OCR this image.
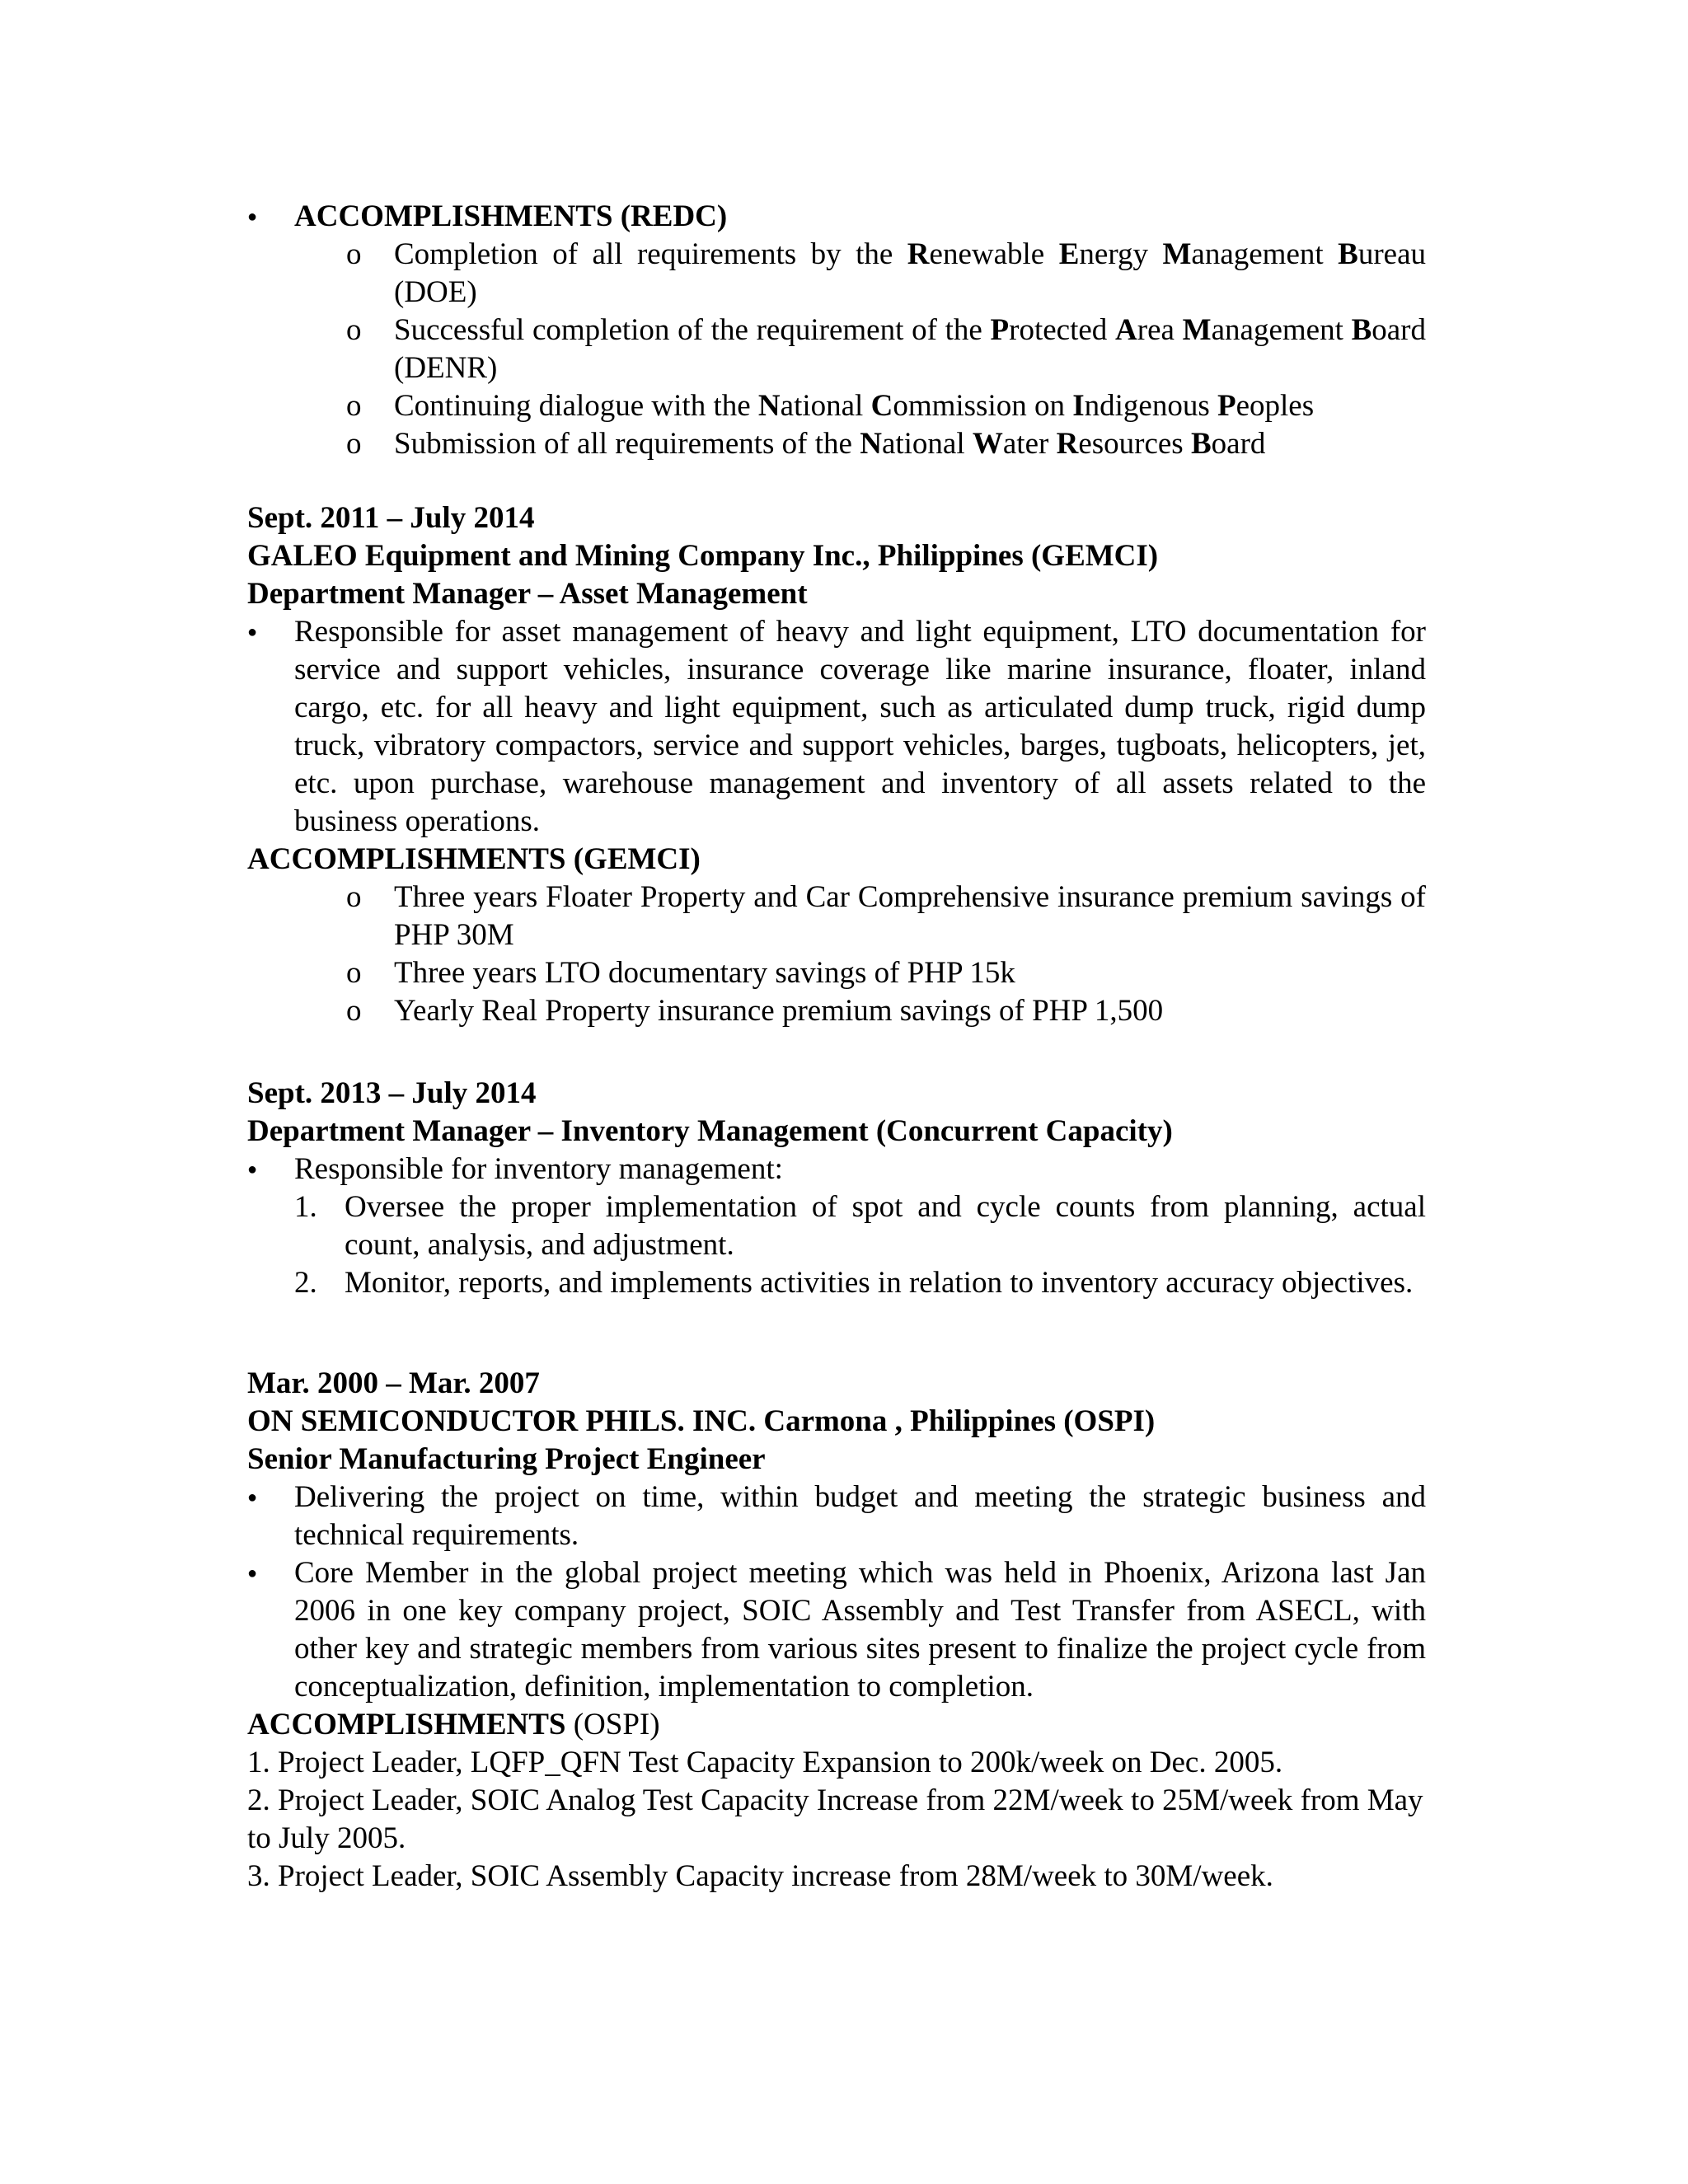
●	ACCOMPLISHMENTS (REDC)
o Completion of all requirements by the Renewable Energy Management Bureau (DOE)
o Successful completion of the requirement of the Protected Area Management Board (DENR)
o Continuing dialogue with the National Commission on Indigenous Peoples
o Submission of all requirements of the National Water Resources Board
Sept. 2011 – July 2014
GALEO Equipment and Mining Company Inc., Philippines (GEMCI)
Department Manager – Asset Management
●	Responsible for asset management of heavy and light equipment, LTO documentation for service and support vehicles, insurance coverage like marine insurance, floater, inland cargo, etc. for all heavy and light equipment, such as articulated dump truck, rigid dump truck, vibratory compactors, service and support vehicles, barges, tugboats, helicopters, jet, etc. upon purchase, warehouse management and inventory of all assets related to the business operations.
ACCOMPLISHMENTS (GEMCI)
o Three years Floater Property and Car Comprehensive insurance premium savings of PHP 30M
o Three years LTO documentary savings of PHP 15k
o Yearly Real Property insurance premium savings of PHP 1,500
Sept. 2013 – July 2014
Department Manager – Inventory Management (Concurrent Capacity)
●	Responsible for inventory management:
1. Oversee the proper implementation of spot and cycle counts from planning, actual count, analysis, and adjustment.
2. Monitor, reports, and implements activities in relation to inventory accuracy objectives.
Mar. 2000 – Mar. 2007
ON SEMICONDUCTOR PHILS. INC. Carmona , Philippines (OSPI)
Senior Manufacturing Project Engineer
●	Delivering the project on time, within budget and meeting the strategic business and technical requirements.
●	Core Member in the global project meeting which was held in Phoenix, Arizona last Jan 2006 in one key company project, SOIC Assembly and Test Transfer from ASECL, with other key and strategic members from various sites present to finalize the project cycle from conceptualization, definition, implementation to completion.
ACCOMPLISHMENTS (OSPI)
1. Project Leader, LQFP_QFN Test Capacity Expansion to 200k/week on Dec. 2005.
2. Project Leader, SOIC Analog Test Capacity Increase from 22M/week to 25M/week from May to July 2005.
3. Project Leader, SOIC Assembly Capacity increase from 28M/week to 30M/week.
